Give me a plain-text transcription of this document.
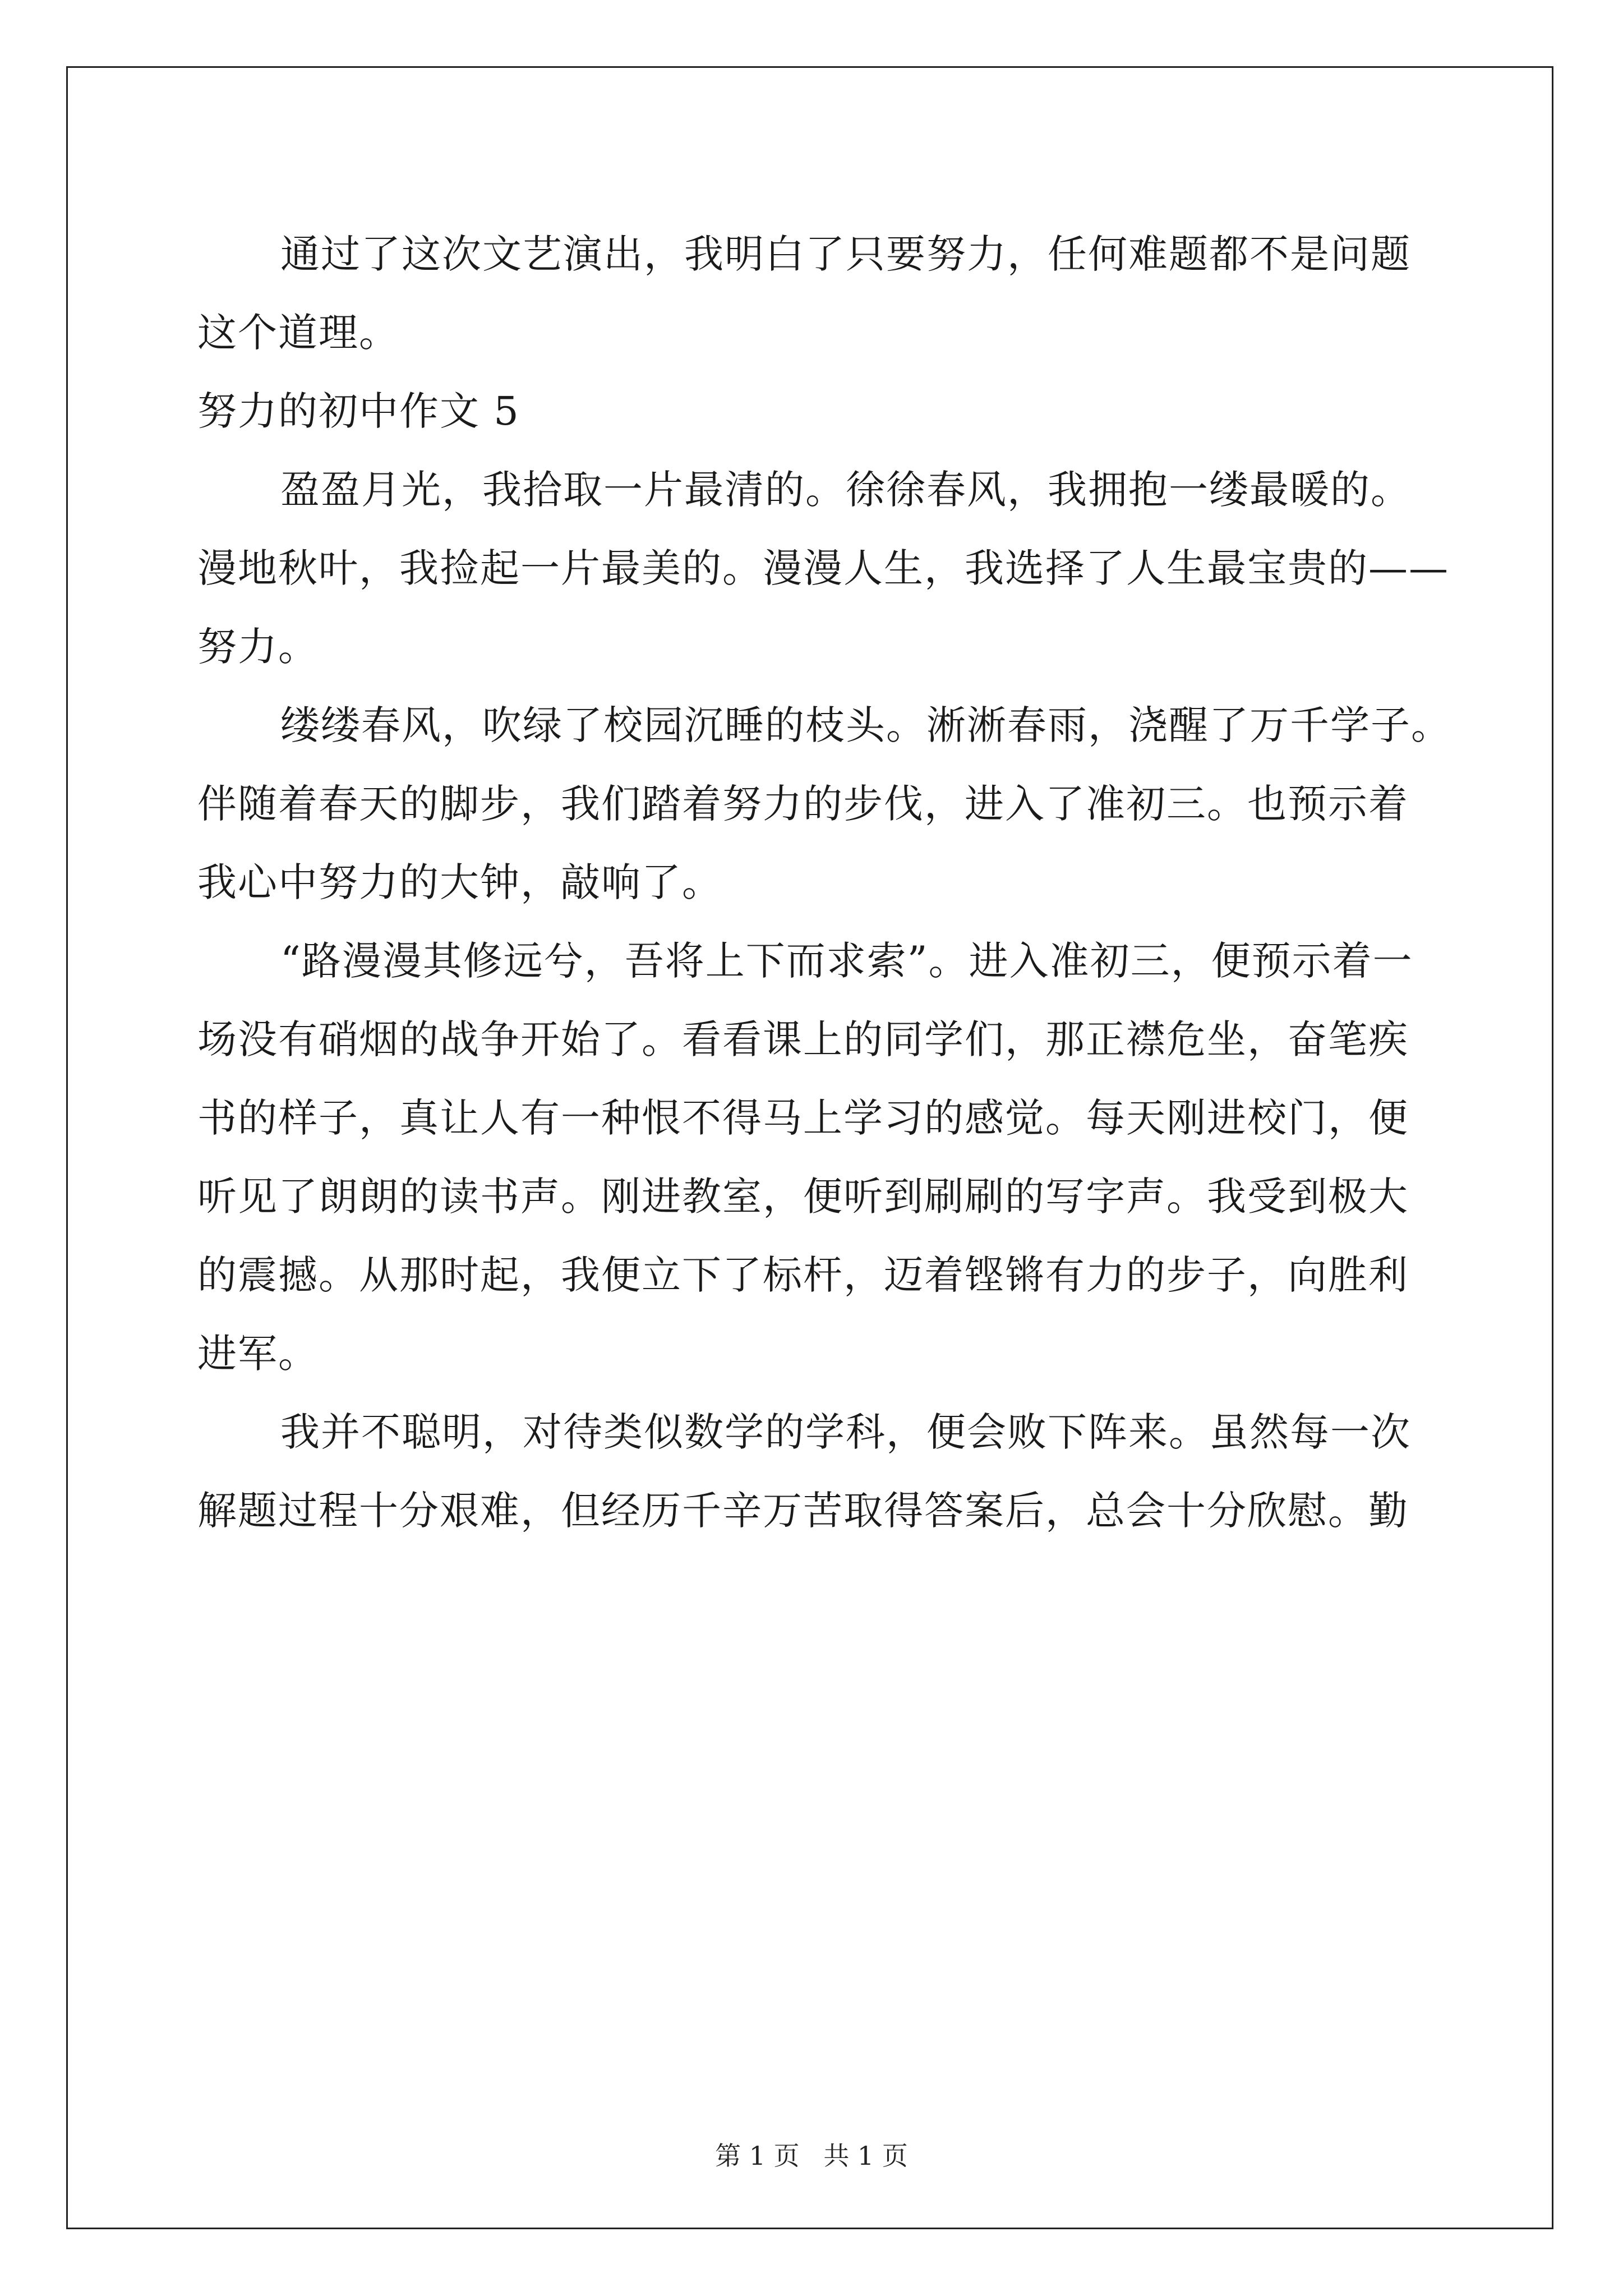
通过了这次文艺演出，我明白了只要努力，任何难题都不是问题
这个道理。
努力的初中作文 5
盈盈月光，我拾取一片最清的。徐徐春风，我拥抱一缕最暖的。
漫地秋叶，我捡起一片最美的。漫漫人生，我选择了人生最宝贵的——
努力。
缕缕春风，吹绿了校园沉睡的枝头。淅淅春雨，浇醒了万千学子。
伴随着春天的脚步，我们踏着努力的步伐，进入了准初三。也预示着
我心中努力的大钟，敲响了。
“路漫漫其修远兮，吾将上下而求索”。进入准初三，便预示着一
场没有硝烟的战争开始了。看看课上的同学们，那正襟危坐，奋笔疾
书的样子，真让人有一种恨不得马上学习的感觉。每天刚进校门，便
听见了朗朗的读书声。刚进教室，便听到刷刷的写字声。我受到极大
的震撼。从那时起，我便立下了标杆，迈着铿锵有力的步子，向胜利
进军。
我并不聪明，对待类似数学的学科，便会败下阵来。虽然每一次
解题过程十分艰难，但经历千辛万苦取得答案后，总会十分欣慰。勤
第 1 页 共 1 页
